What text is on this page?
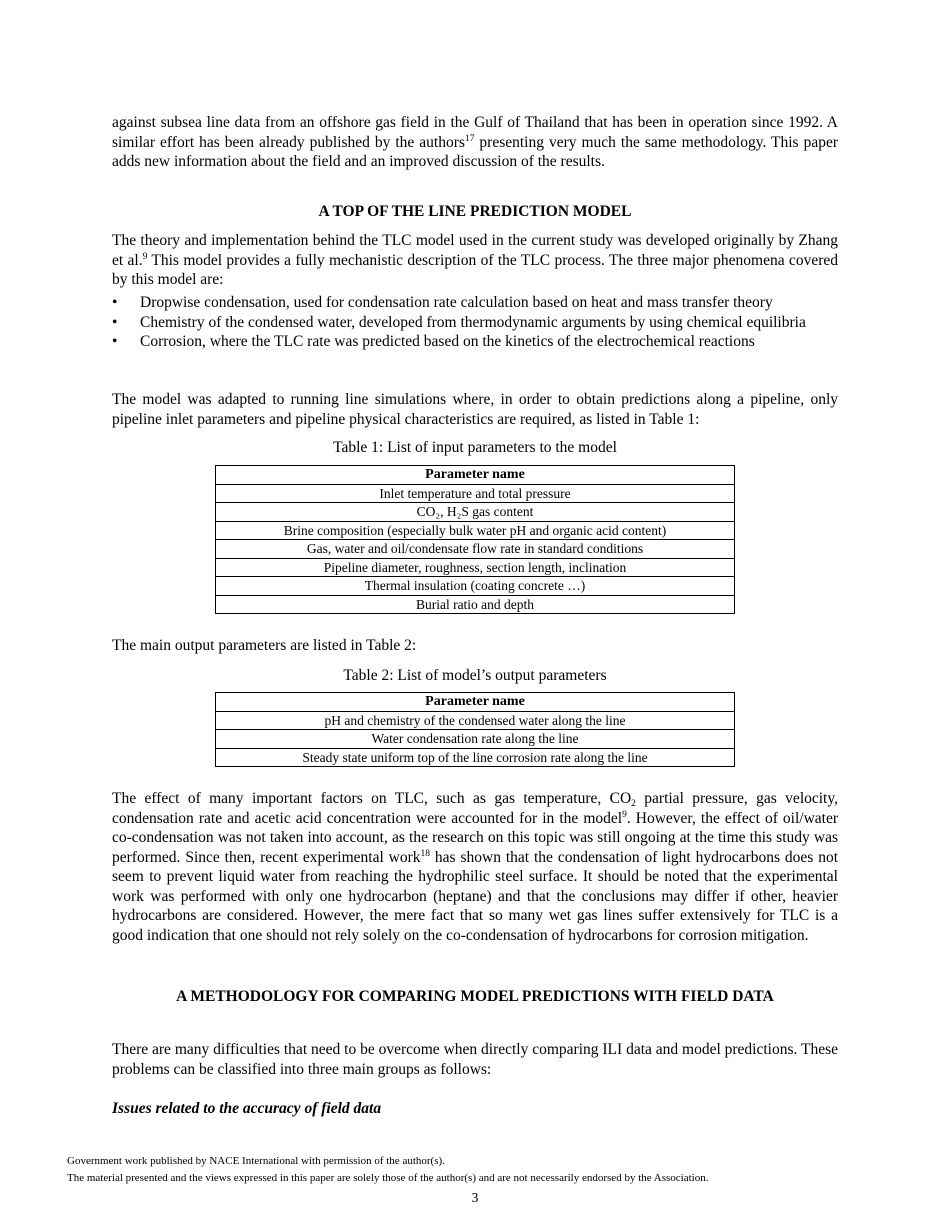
against subsea line data from an offshore gas field in the Gulf of Thailand that has been in operation since 1992. A similar effort has been already published by the authors$^{17}$ presenting very much the same methodology. This paper adds new information about the field and an improved discussion of the results.

A TOP OF THE LINE PREDICTION MODEL

The theory and implementation behind the TLC model used in the current study was developed originally by Zhang et al.$^9$ This model provides a fully mechanistic description of the TLC process. The three major phenomena covered by this model are:

• Dropwise condensation, used for condensation rate calculation based on heat and mass transfer theory
• Chemistry of the condensed water, developed from thermodynamic arguments by using chemical equilibria
• Corrosion, where the TLC rate was predicted based on the kinetics of the electrochemical reactions

The model was adapted to running line simulations where, in order to obtain predictions along a pipeline, only pipeline inlet parameters and pipeline physical characteristics are required, as listed in Table 1:

Table 1: List of input parameters to the model

Parameter name
Inlet temperature and total pressure
CO₂, H₂S gas content
Brine composition (especially bulk water pH and organic acid content)
Gas, water and oil/condensate flow rate in standard conditions
Pipeline diameter, roughness, section length, inclination
Thermal insulation (coating concrete …)
Burial ratio and depth

The main output parameters are listed in Table 2:

Table 2: List of model’s output parameters

Parameter name
pH and chemistry of the condensed water along the line
Water condensation rate along the line
Steady state uniform top of the line corrosion rate along the line

The effect of many important factors on TLC, such as gas temperature, $CO_2$ partial pressure, gas velocity, condensation rate and acetic acid concentration were accounted for in the model$^9$. However, the effect of oil/water co-condensation was not taken into account, as the research on this topic was still ongoing at the time this study was performed. Since then, recent experimental work$^{18}$ has shown that the condensation of light hydrocarbons does not seem to prevent liquid water from reaching the hydrophilic steel surface. It should be noted that the experimental work was performed with only one hydrocarbon (heptane) and that the conclusions may differ if other, heavier hydrocarbons are considered. However, the mere fact that so many wet gas lines suffer extensively for TLC is a good indication that one should not rely solely on the co-condensation of hydrocarbons for corrosion mitigation.

A METHODOLOGY FOR COMPARING MODEL PREDICTIONS WITH FIELD DATA

There are many difficulties that need to be overcome when directly comparing ILI data and model predictions. These problems can be classified into three main groups as follows:

Issues related to the accuracy of field data

Government work published by NACE International with permission of the author(s).

The material presented and the views expressed in this paper are solely those of the author(s) and are not necessarily endorsed by the Association.

3
